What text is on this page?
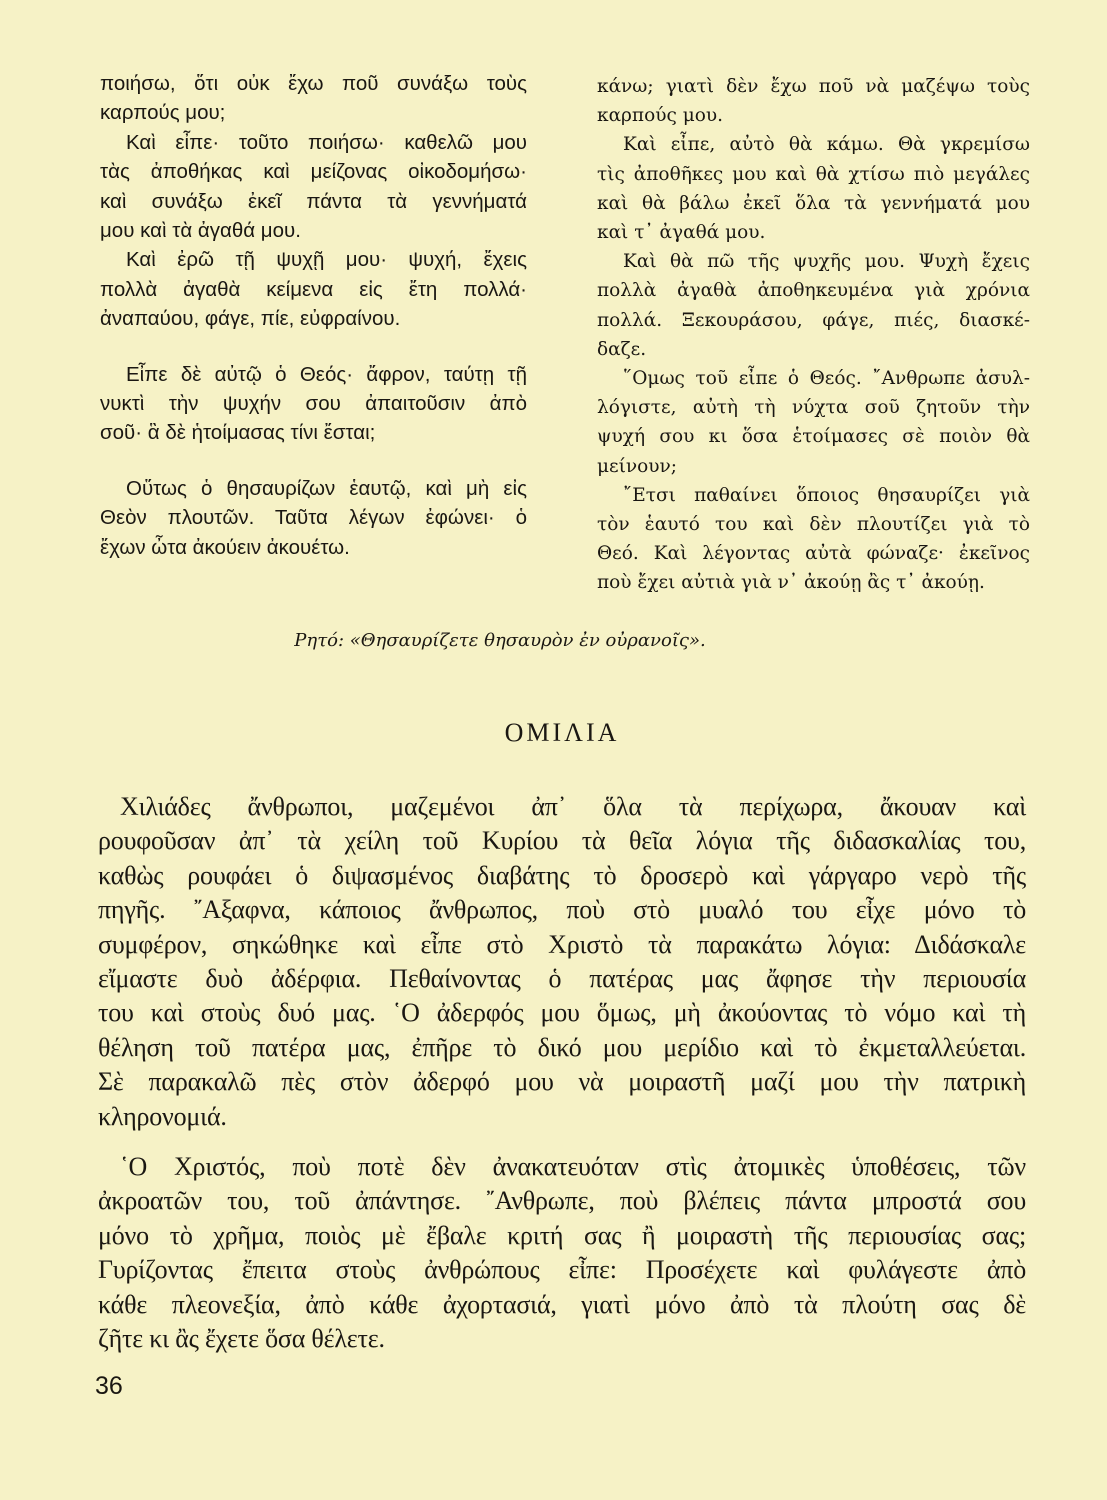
ποιήσω, ὅτι οὐκ ἔχω ποῦ συνάξω τοὺς
καρπούς μου;
Καὶ εἶπε· τοῦτο ποιήσω· καθελῶ μου
τὰς ἀποθήκας καὶ μείζονας οἰκοδομήσω·
καὶ συνάξω ἐκεῖ πάντα τὰ γεννήματά
μου καὶ τὰ ἀγαθά μου.
Καὶ ἐρῶ τῇ ψυχῇ μου· ψυχή, ἔχεις
πολλὰ ἀγαθὰ κείμενα εἰς ἔτη πολλά·
ἀναπαύου, φάγε, πίε, εὐφραίνου.
Εἶπε δὲ αὐτῷ ὁ Θεός· ἄφρον, ταύτῃ τῇ
νυκτὶ τὴν ψυχήν σου ἀπαιτοῦσιν ἀπὸ
σοῦ· ἃ δὲ ἡτοίμασας τίνι ἔσται;
Οὕτως ὁ θησαυρίζων ἑαυτῷ, καὶ μὴ εἰς
Θεὸν πλουτῶν. Ταῦτα λέγων ἐφώνει· ὁ
ἔχων ὦτα ἀκούειν ἀκουέτω.
κάνω; γιατὶ δὲν ἔχω ποῦ νὰ μαζέψω τοὺς
καρπούς μου.
Καὶ εἶπε, αὐτὸ θὰ κάμω. Θὰ γκρεμίσω
τὶς ἀποθῆκες μου καὶ θὰ χτίσω πιὸ μεγάλες
καὶ θὰ βάλω ἐκεῖ ὅλα τὰ γεννήματά μου
καὶ τ᾽ ἀγαθά μου.
Καὶ θὰ πῶ τῆς ψυχῆς μου. Ψυχὴ ἔχεις
πολλὰ ἀγαθὰ ἀποθηκευμένα γιὰ χρόνια
πολλά. Ξεκουράσου, φάγε, πιές, διασκέ-
δαζε.
῞Ομως τοῦ εἶπε ὁ Θεός. ῎Ανθρωπε ἀσυλ-
λόγιστε, αὐτὴ τὴ νύχτα σοῦ ζητοῦν τὴν
ψυχή σου κι ὅσα ἑτοίμασες σὲ ποιὸν θὰ
μείνουν;
῎Ετσι παθαίνει ὅποιος θησαυρίζει γιὰ
τὸν ἑαυτό του καὶ δὲν πλουτίζει γιὰ τὸ
Θεό. Καὶ λέγοντας αὐτὰ φώναζε· ἐκεῖνος
ποὺ ἔχει αὐτιὰ γιὰ ν᾽ ἀκούῃ ἂς τ᾽ ἀκούῃ.
Ρητό: «Θησαυρίζετε θησαυρὸν ἐν οὐρανοῖς».
ΟΜΙΛΙΑ
Χιλιάδες ἄνθρωποι, μαζεμένοι ἀπ᾽ ὅλα τὰ περίχωρα, ἄκουαν καὶ
ρουφοῦσαν ἀπ᾽ τὰ χείλη τοῦ Κυρίου τὰ θεῖα λόγια τῆς διδασκαλίας του,
καθὼς ρουφάει ὁ διψασμένος διαβάτης τὸ δροσερὸ καὶ γάργαρο νερὸ τῆς
πηγῆς. ῎Αξαφνα, κάποιος ἄνθρωπος, ποὺ στὸ μυαλό του εἶχε μόνο τὸ
συμφέρον, σηκώθηκε καὶ εἶπε στὸ Χριστὸ τὰ παρακάτω λόγια: Διδάσκαλε
εἴμαστε δυὸ ἀδέρφια. Πεθαίνοντας ὁ πατέρας μας ἄφησε τὴν περιουσία
του καὶ στοὺς δυό μας. ῾Ο ἀδερφός μου ὅμως, μὴ ἀκούοντας τὸ νόμο καὶ τὴ
θέληση τοῦ πατέρα μας, ἐπῆρε τὸ δικό μου μερίδιο καὶ τὸ ἐκμεταλλεύεται.
Σὲ παρακαλῶ πὲς στὸν ἀδερφό μου νὰ μοιραστῆ μαζί μου τὴν πατρικὴ
κληρονομιά.
῾Ο Χριστός, ποὺ ποτὲ δὲν ἀνακατευόταν στὶς ἀτομικὲς ὑποθέσεις, τῶν
ἀκροατῶν του, τοῦ ἀπάντησε. ῎Ανθρωπε, ποὺ βλέπεις πάντα μπροστά σου
μόνο τὸ χρῆμα, ποιὸς μὲ ἔβαλε κριτή σας ἢ μοιραστὴ τῆς περιουσίας σας;
Γυρίζοντας ἔπειτα στοὺς ἀνθρώπους εἶπε: Προσέχετε καὶ φυλάγεστε ἀπὸ
κάθε πλεονεξία, ἀπὸ κάθε ἀχορτασιά, γιατὶ μόνο ἀπὸ τὰ πλούτη σας δὲ
ζῆτε κι ἂς ἔχετε ὅσα θέλετε.
36
